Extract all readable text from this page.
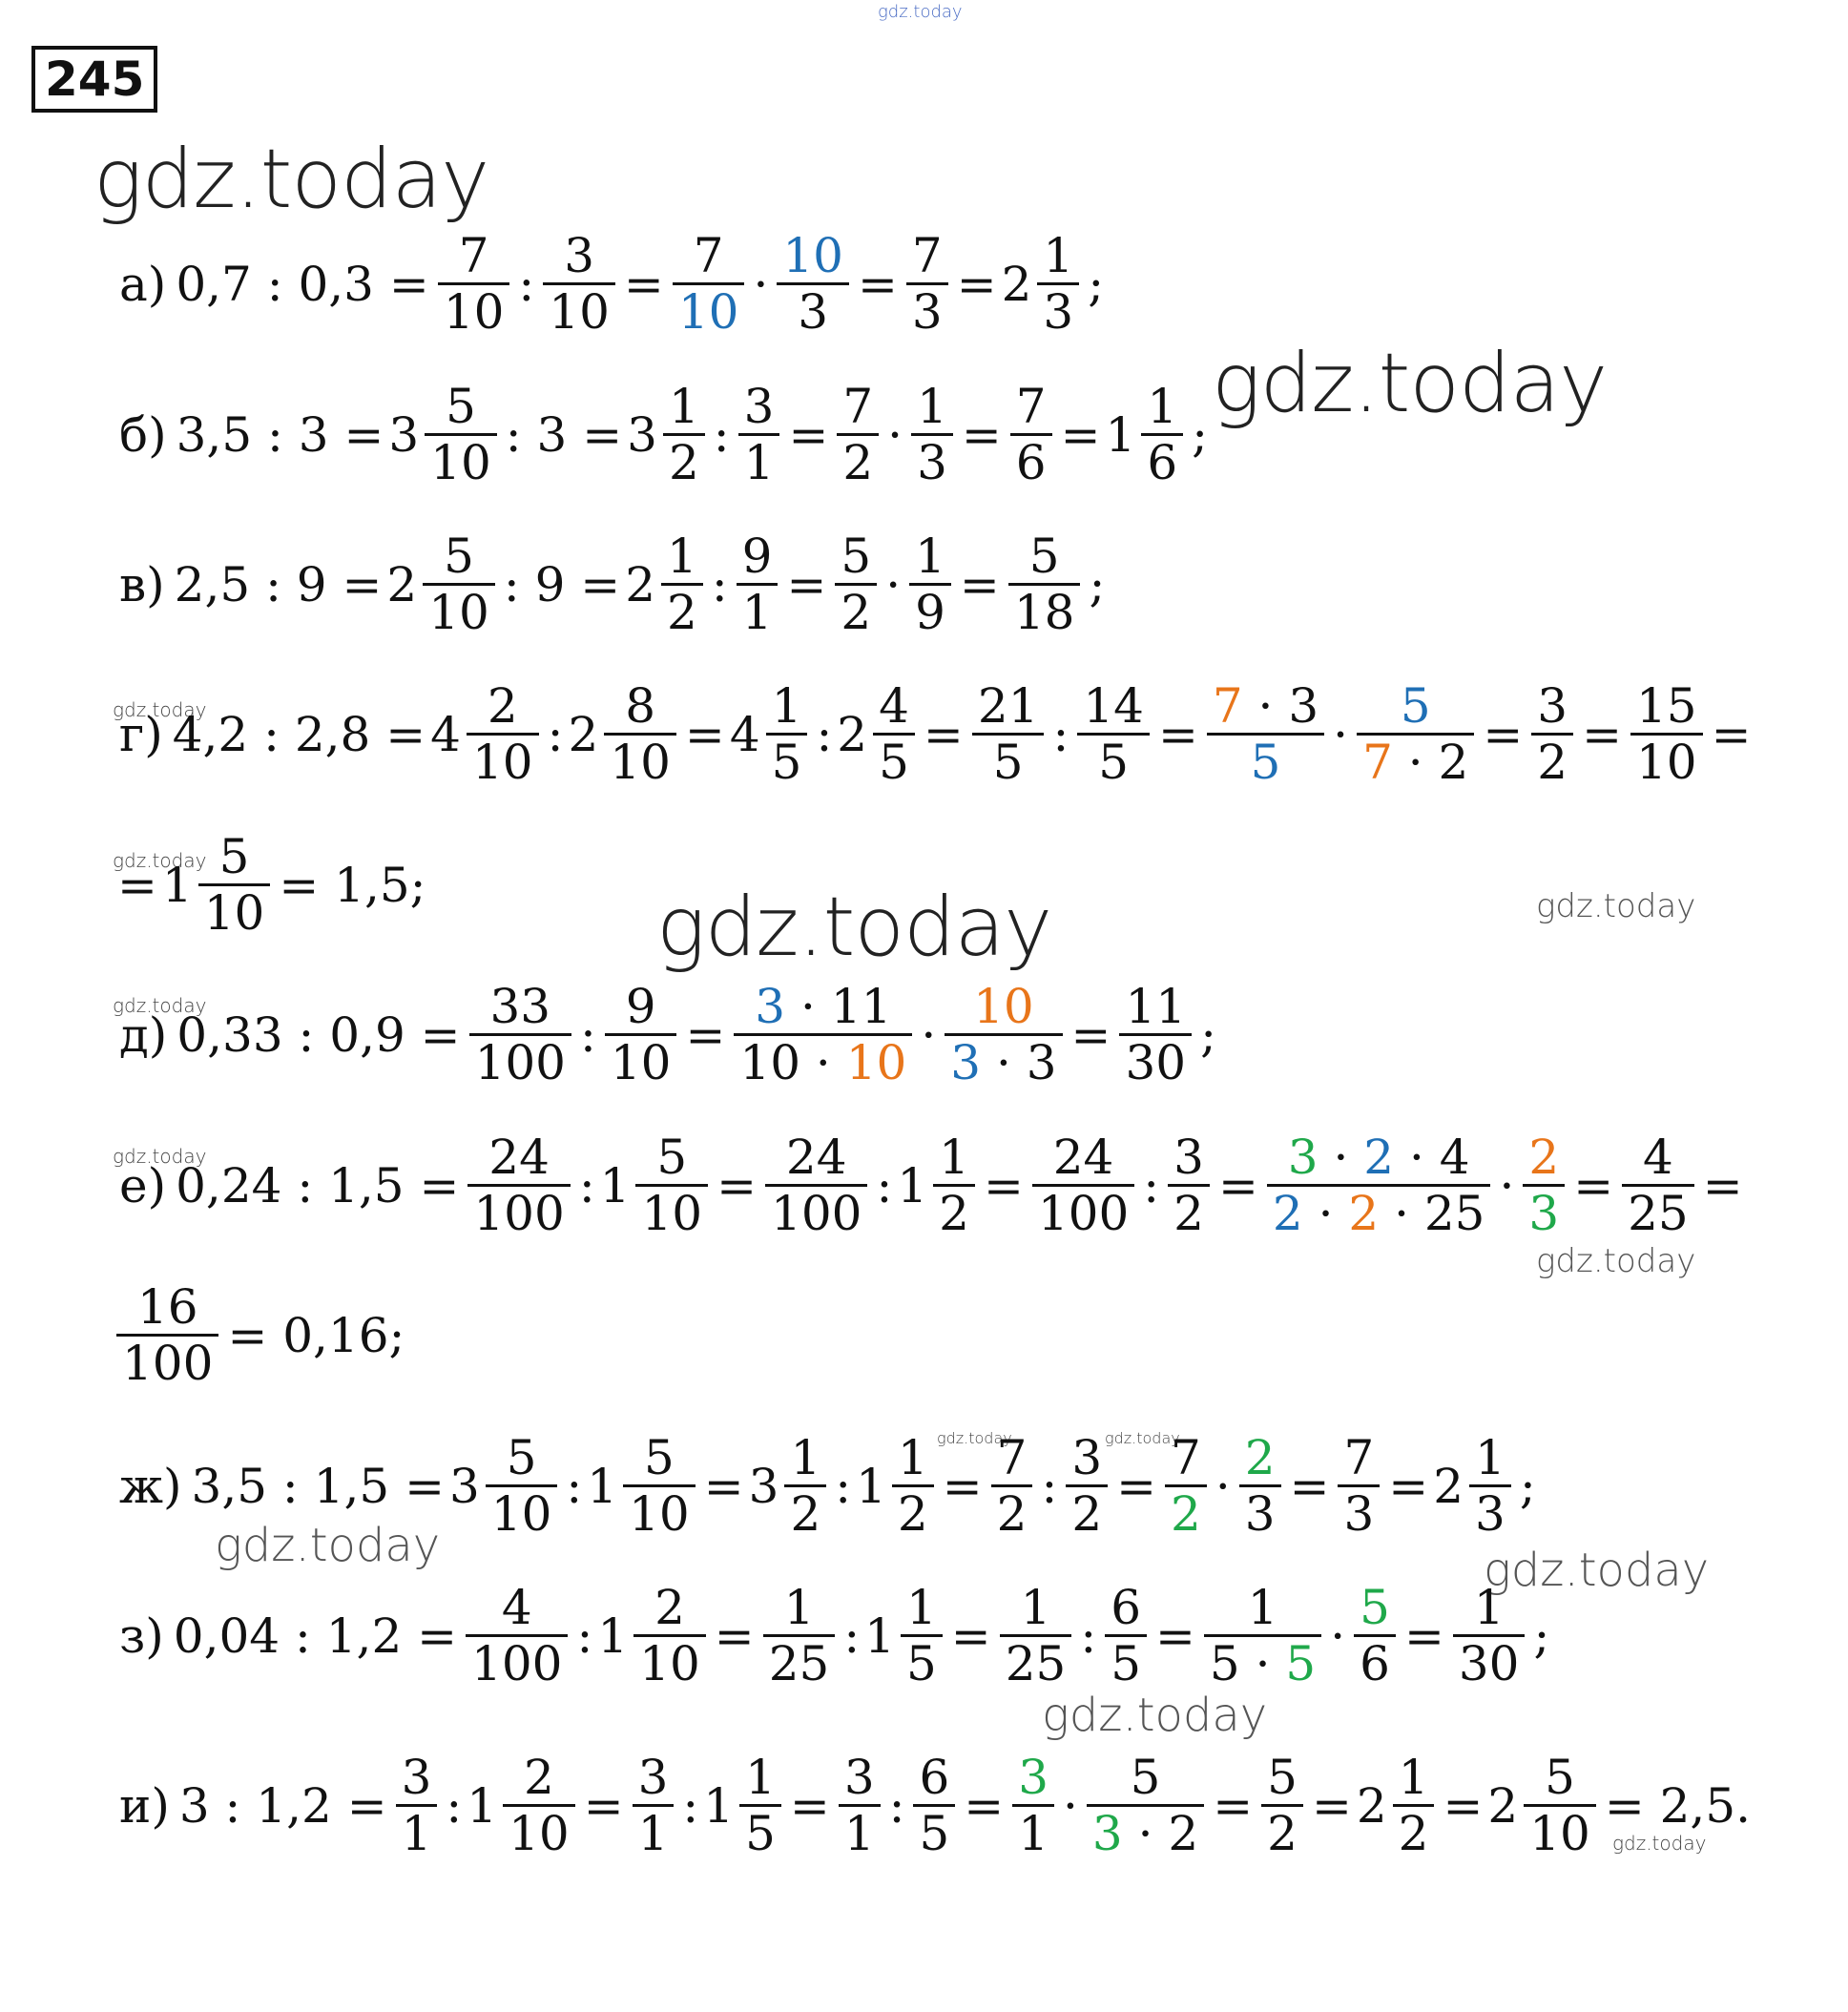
245
gdz.today
gdz.today
gdz.today
gdz.today	gdz.today
gdz.today
gdz.today	gdz.today
gdz.today
gdz.today
gdz.today
gdz.today
gdz.today
gdz.today	gdz.today
gdz.today
а) 0,7 : $0,3 = \frac{7}{10}$ : $\frac{3}{10} = \frac{7}{10} \cdot \frac{10}{3} = \frac{7}{3} = 2 \frac{1}{3}$ ;
б) 3,5 : $3 = 3 \frac{5}{10}$ : $3 = 3 \frac{1}{2}$ : $\frac{3}{1} = \frac{7}{2} \cdot \frac{1}{3} = \frac{7}{6} = 1 \frac{1}{6}$ ;
в) 2,5 : $9 = 2 \frac{5}{10}$ : $9 = 2 \frac{1}{2}$ : $\frac{9}{1} = \frac{5}{2} \cdot \frac{1}{9} = \frac{5}{18}$ ;
г) 4,2 : $2,8 = 4 \frac{2}{10}$ : $2 \frac{8}{10} = 4 \frac{1}{5}$ : $2 \frac{4}{5} = \frac{21}{5}$ : $\frac{14}{5} = \frac{7 \cdot 3}{5} \cdot \frac{5}{7 \cdot 2} = \frac{3}{2} = \frac{15}{10}$ =
= $1 \frac{5}{10} = 1,5$;
д) 0,33 : $0,9 = \frac{33}{100}$ : $\frac{9}{10} = \frac{3 \cdot 11}{10 \cdot 10} \cdot \frac{10}{3 \cdot 3} = \frac{11}{30}$ ;
е) 0,24 : $1,5 = \frac{24}{100}$ : $1 \frac{5}{10} = \frac{24}{100}$ : $1 \frac{1}{2} = \frac{24}{100}$ : $\frac{3}{2} = \frac{3 \cdot 2 \cdot 4}{2 \cdot 2 \cdot 25} \cdot \frac{2}{3} = \frac{4}{25}$ =
$\frac{16}{100} = 0,16$;
ж) 3,5 : $1,5 = 3 \frac{5}{10}$ : $1 \frac{5}{10} = 3 \frac{1}{2}$ : $1 \frac{1}{2} = \frac{7}{2}$ : $\frac{3}{2} = \frac{7}{2} \cdot \frac{2}{3} = \frac{7}{3} = 2 \frac{1}{3}$ ;
з) 0,04 : $1,2 = \frac{4}{100}$ : $1 \frac{2}{10} = \frac{1}{25}$ : $1 \frac{1}{5} = \frac{1}{25}$ : $\frac{6}{5} = \frac{1}{5 \cdot 5} \cdot \frac{5}{6} = \frac{1}{30}$ ;
и) 3 : $1,2 = \frac{3}{1}$ : $1 \frac{2}{10} = \frac{3}{1}$ : $1 \frac{1}{5} = \frac{3}{1}$ : $\frac{6}{5} = \frac{3}{1} \cdot \frac{5}{3 \cdot 2} = \frac{5}{2} = 2 \frac{1}{2} = 2 \frac{5}{10} = 2,5$.
